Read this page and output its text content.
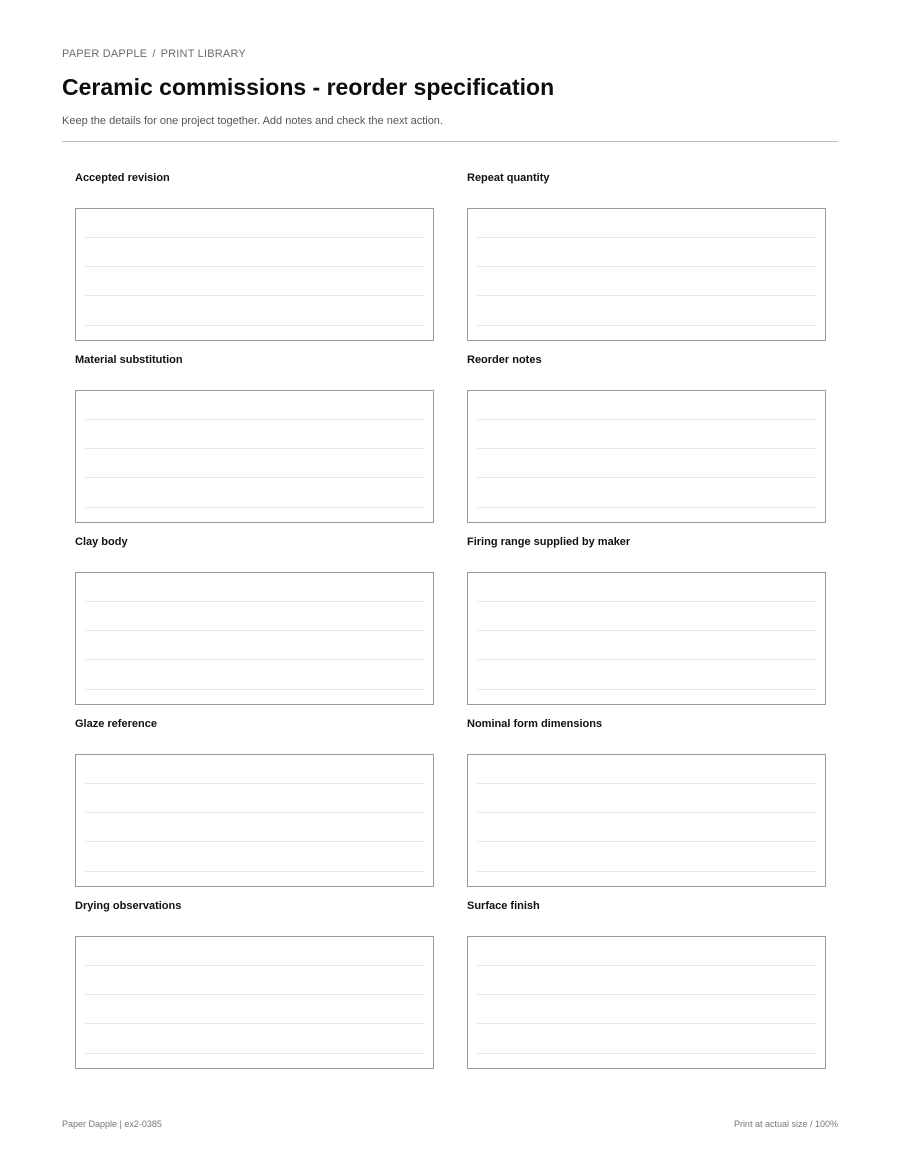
PAPER DAPPLE / PRINT LIBRARY
Ceramic commissions - reorder specification

Keep the details for one project together. Add notes and check the next action.

Accepted revision	Repeat quantity
Material substitution	Reorder notes
Clay body	Firing range supplied by maker
Glaze reference	Nominal form dimensions
Drying observations	Surface finish
Paper Dapple | ex2-0385	Print at actual size / 100%
